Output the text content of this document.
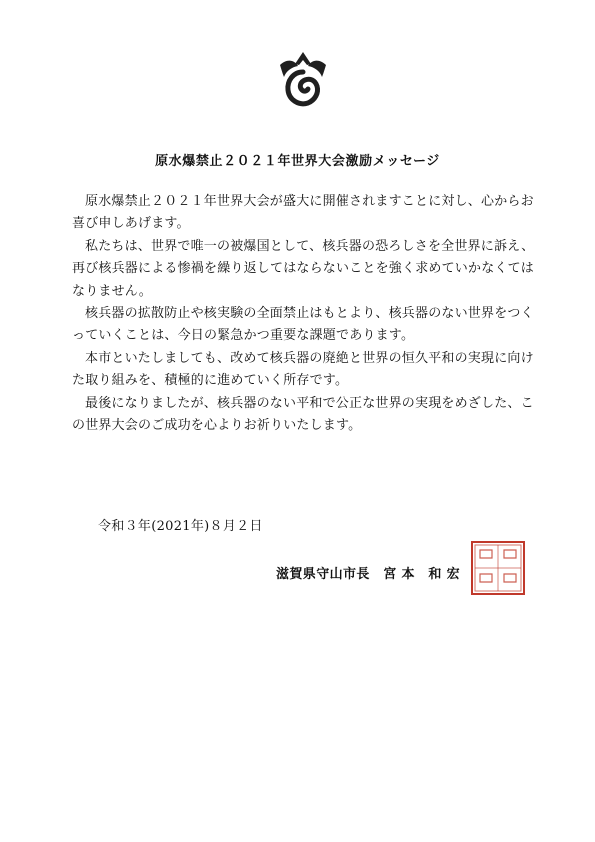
原水爆禁止２０２１年世界大会激励メッセージ

原水爆禁止２０２１年世界大会が盛大に開催されますことに対し、心からお喜び申しあげます。

私たちは、世界で唯一の被爆国として、核兵器の恐ろしさを全世界に訴え、再び核兵器による惨禍を繰り返してはならないことを強く求めていかなくてはなりません。

核兵器の拡散防止や核実験の全面禁止はもとより、核兵器のない世界をつくっていくことは、今日の緊急かつ重要な課題であります。

本市といたしましても、改めて核兵器の廃絶と世界の恒久平和の実現に向けた取り組みを、積極的に進めていく所存です。

最後になりましたが、核兵器のない平和で公正な世界の実現をめざした、この世界大会のご成功を心よりお祈りいたします。

令和３年(2021年)８月２日
滋賀県守山市長　宮 本　和 宏
